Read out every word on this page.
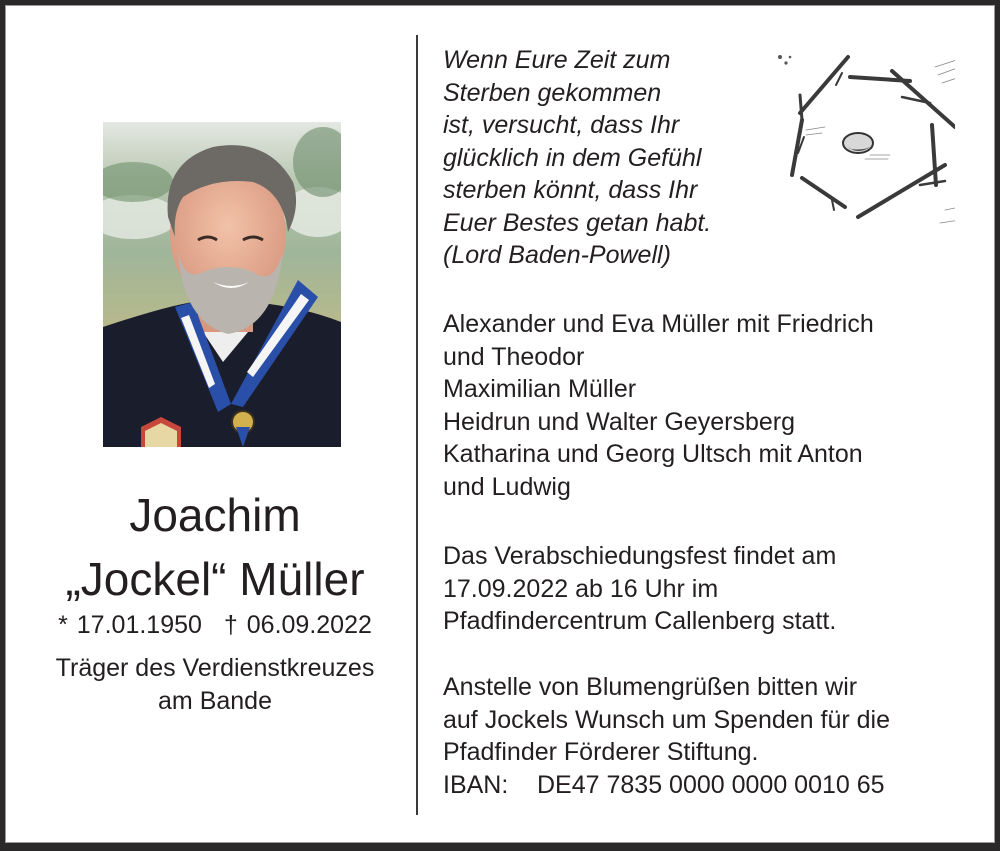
Joachim
„Jockel“ Müller
* 17.01.1950 † 06.09.2022
Träger des Verdienstkreuzes
am Bande
Wenn Eure Zeit zum
Sterben gekommen
ist, versucht, dass Ihr
glücklich in dem Gefühl
sterben könnt, dass Ihr
Euer Bestes getan habt.
(Lord Baden-Powell)
Alexander und Eva Müller mit Friedrich
und Theodor
Maximilian Müller
Heidrun und Walter Geyersberg
Katharina und Georg Ultsch mit Anton
und Ludwig
Das Verabschiedungsfest findet am
17.09.2022 ab 16 Uhr im
Pfadfindercentrum Callenberg statt.
Anstelle von Blumengrüßen bitten wir
auf Jockels Wunsch um Spenden für die
Pfadfinder Förderer Stiftung.
IBAN: DE47 7835 0000 0000 0010 65
